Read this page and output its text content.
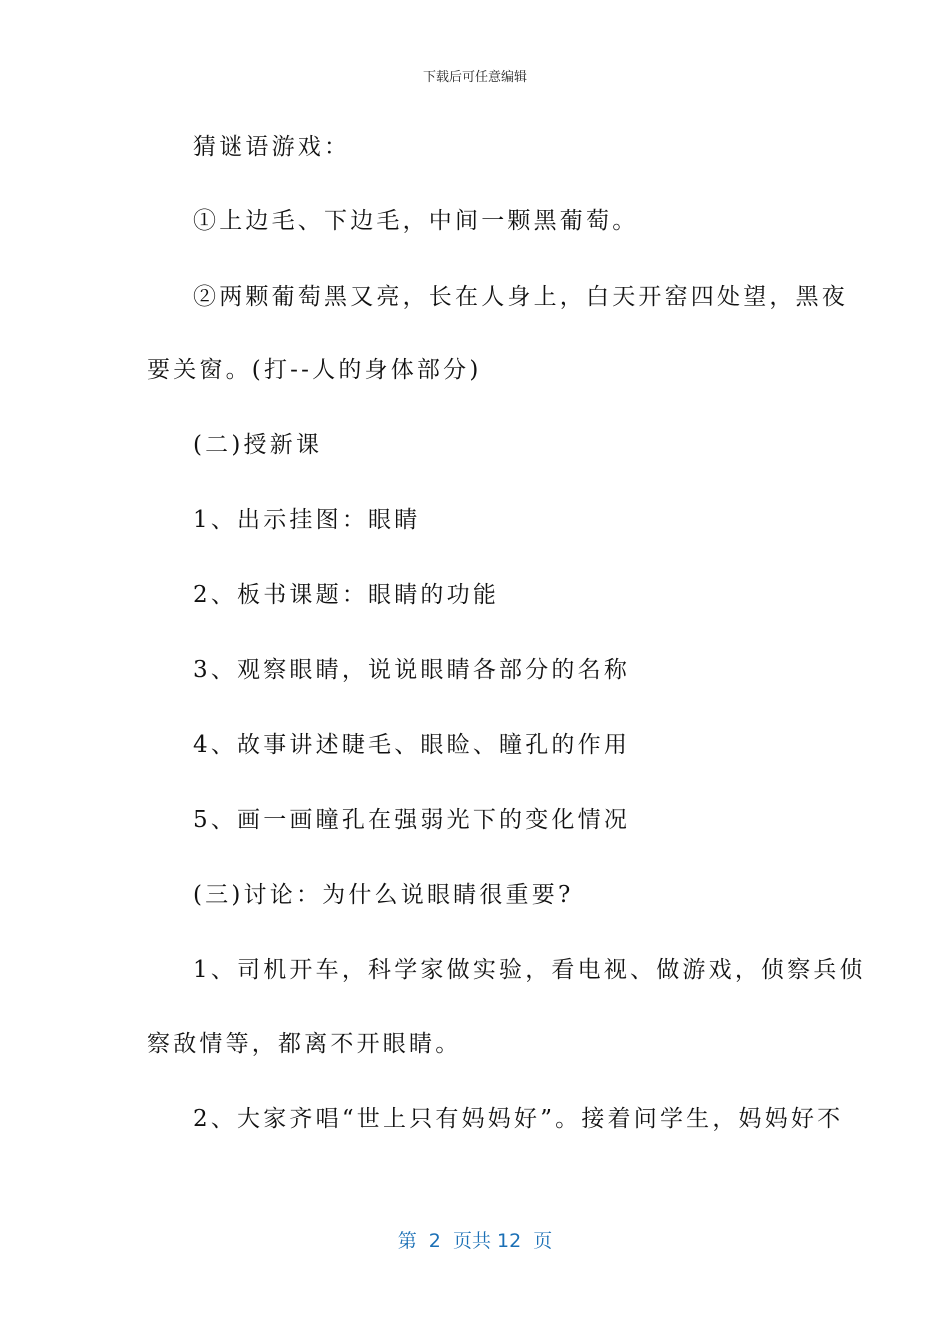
下载后可任意编辑
猜谜语游戏：
①上边毛、下边毛，中间一颗黑葡萄。
②两颗葡萄黑又亮，长在人身上，白天开窑四处望，黑夜
要关窗。(打--人的身体部分)
(二)授新课
1、出示挂图：眼睛
2、板书课题：眼睛的功能
3、观察眼睛，说说眼睛各部分的名称
4、故事讲述睫毛、眼睑、瞳孔的作用
5、画一画瞳孔在强弱光下的变化情况
(三)讨论：为什么说眼睛很重要?
1、司机开车，科学家做实验，看电视、做游戏，侦察兵侦
察敌情等，都离不开眼睛。
2、大家齐唱“世上只有妈妈好”。接着问学生，妈妈好不
第  2  页共 12  页
